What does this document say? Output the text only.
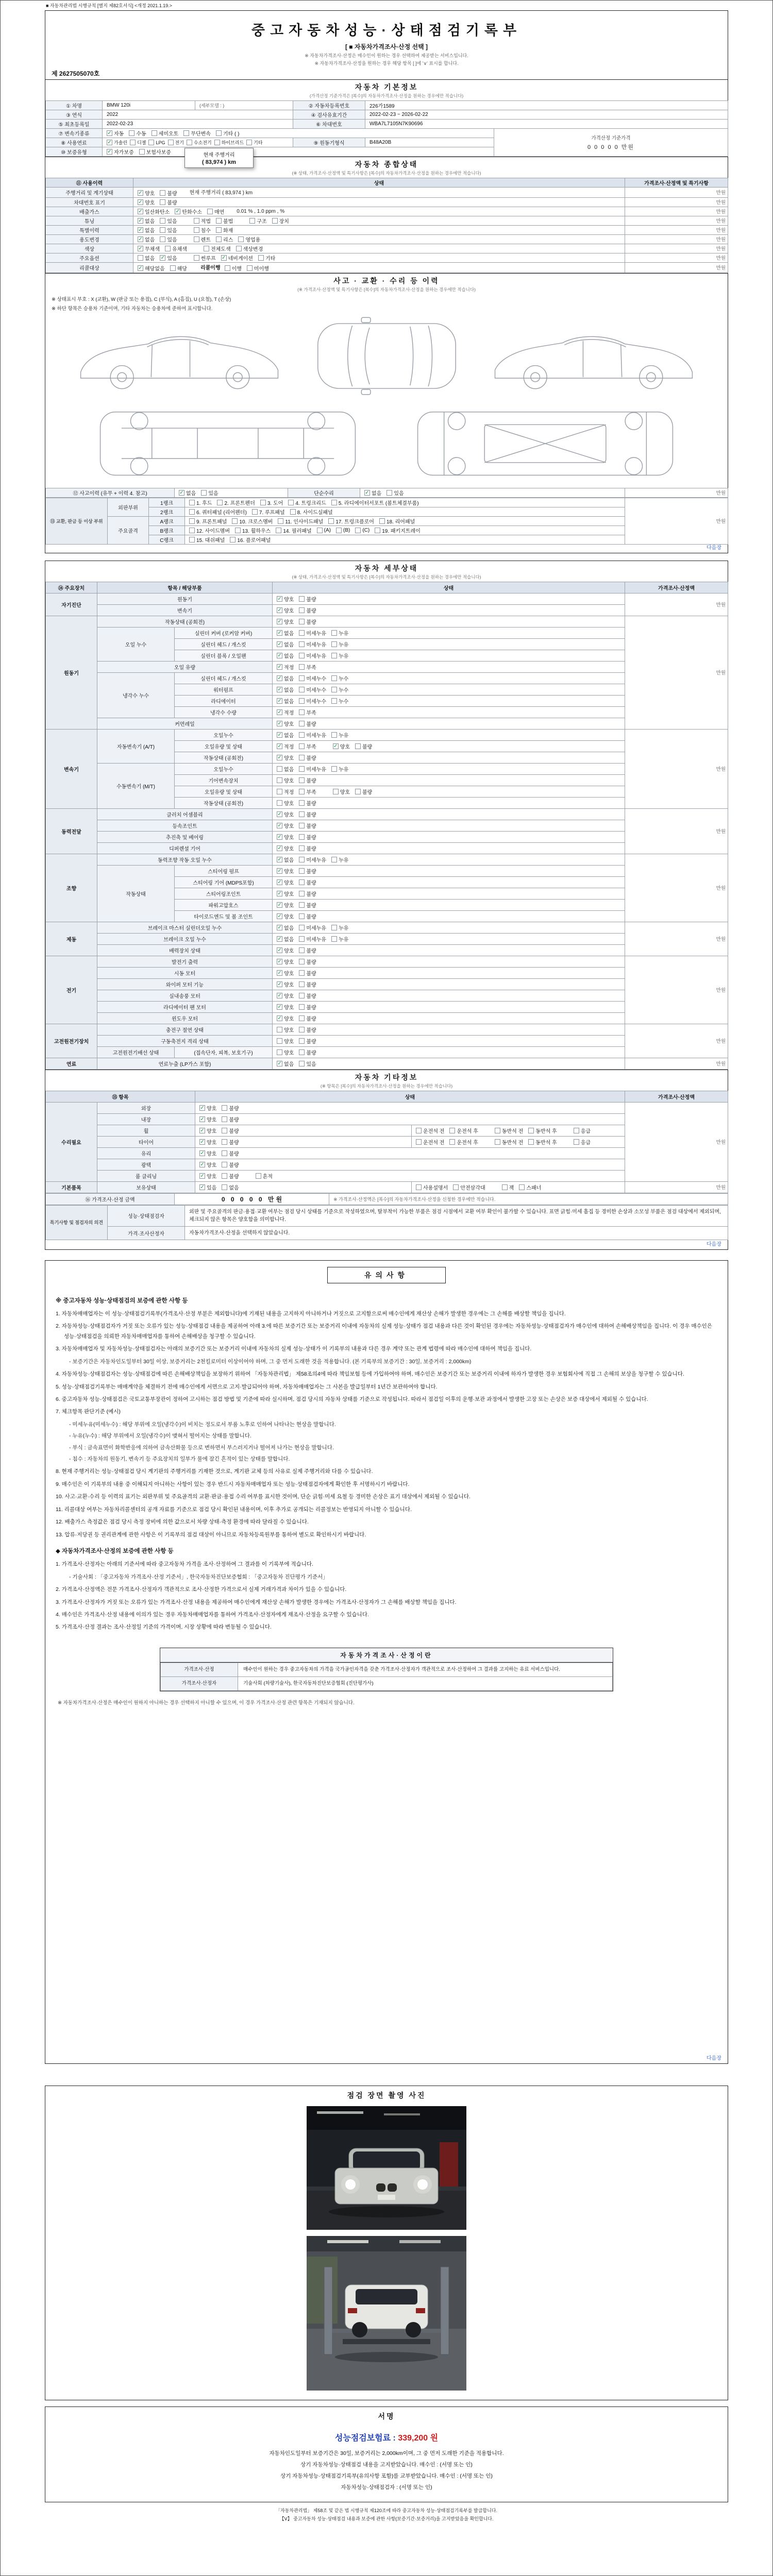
■ 자동차관리법 시행규칙 [별지 제82호서식] <개정 2021.1.19.>
중고자동차성능·상태점검기록부
[ ■ 자동차가격조사·산정 선택 ]
※ 자동차가격조사·산정은 매수인이 원하는 경우 선택하여 제공받는 서비스입니다.
※ 자동차가격조사·산정을 원하는 경우 해당 항목 [ ]에 '∨' 표시를 합니다.
제 2627505070호
자동차 기본정보
(가격산정 기준가격은 [복수]의 자동차가격조사·산정을 원하는 경우에만 적습니다)
① 차명	BMW 120i	(세부모델 : )	② 자동차등록번호	226가1589	
③ 연식	2022		④ 검사유효기간	2022-02-23 ~ 2026-02-22	
⑤ 최초등록일	2022-02-23		⑥ 차대번호	WBA7L7105N7K90696	
⑦ 변속기종류	✓ 자동 수동 세미오토 무단변속 기타 ( )

가격산정 기준가격
0 0 0 0 0 만원

⑧ 사용연료	✓ 가솔린 디젤 LPG 전기 수소전기 하이브리드 기타	⑨ 원동기형식	B48A20B
⑩ 보증유형	✓ 자가보증 보험사보증				
자동차 종합상태
(※ 상태, 가격조사·산정액 및 특기사항은 [복수]의 자동차가격조사·산정을 원하는 경우에만 적습니다)
⑪ 사용이력	상태	가격조사·산정액 및 특기사항
주행거리 및 계기상태	✓ 양호 불량 현재 주행거리 ( 83,974 ) km	만원
차대번호 표기	✓ 양호 불량	만원
배출가스	✓ 일산화탄소 ✓ 탄화수소 매연 0.01 % , 1.0 ppm , %	만원
튜닝	✓ 없음 있음	적법 불법	구조 장치	만원
특별이력	✓ 없음 있음 침수 화재	만원
용도변경	✓ 없음 있음	렌트 리스 영업용	만원
색상	✓ 무채색 유채색 전체도색 색상변경	만원
주요옵션	없음 ✓ 있음	썬루프 ✓ 네비게이션 기타	만원
리콜대상	✓ 해당없음 해당	리콜이행 이행 미이행	만원
사고 · 교환 · 수리 등 이력
(※ 가격조사·산정액 및 특기사항은 [복수]의 자동차가격조사·산정을 원하는 경우에만 적습니다)
※ 상태표시 부호 : X (교환), W (판금 또는 용접), C (부식), A (흠집), U (요철), T (손상)
※ 하단 항목은 승용차 기준이며, 기타 자동차는 승용차에 준하여 표시합니다.
⑫ 사고이력 (유무 + 이력 4. 참고)	✓ 없음 있음	단순수리	✓ 없음 있음	만원
⑬ 교환, 판금 등 이상 부위	외판부위	1랭크	1. 후드 2. 프론트펜더 3. 도어 4. 트렁크리드 5. 라디에이터서포트 (볼트체결부품)	만원
		2랭크	6. 쿼터패널 (리어펜더) 7. 루프패널 8. 사이드실패널	

	주요골격	A랭크	9. 프론트패널 10. 크로스멤버 11. 인사이드패널 17. 트렁크플로어 18. 리어패널	

B랭크	12. 사이드멤버 13. 휠하우스 14. 필러패널 (A) (B) (C) 19. 패키지트레이

		C랭크	15. 대쉬패널 16. 플로어패널	
현재 주행거리
( 83,974 ) km
다음장
자동차 세부상태
(※ 상태, 가격조사·산정액 및 특기사항은 [복수]의 자동차가격조사·산정을 원하는 경우에만 적습니다)
⑭ 주요장치	항목 / 해당부품		상태	가격조사·산정액
자기진단	원동기		✓ 양호 불량	만원
	변속기		✓ 양호 불량	

원동기	작동상태 (공회전)		✓ 양호 불량	만원
	오일 누수	실린더 커버 (로커암 커버)	✓ 없음 미세누유 누유	

		실린더 헤드 / 개스킷	✓ 없음 미세누유 누유	

		실린더 블록 / 오일팬	✓ 없음 미세누유 누유	

	오일 유량		✓ 적정 부족	

	냉각수 누수	실린더 헤드 / 개스킷	✓ 없음 미세누수 누수	

		워터펌프	✓ 없음 미세누수 누수	

		라디에이터	✓ 없음 미세누수 누수	

		냉각수 수량	✓ 적정 부족	

	커먼레일		✓ 양호 불량	

변속기	자동변속기 (A/T)	오일누수	✓ 없음 미세누유 누유	만원
오일유량 및 상태	✓ 적정 부족	✓ 양호 불량

		작동상태 (공회전)	✓ 양호 불량	

	수동변속기 (M/T)	오일누수	없음 미세누유 누유	

		기어변속장치	양호 불량	

		오일유량 및 상태	적정 부족 양호 불량	

		작동상태 (공회전)	양호 불량	

동력전달	클러치 어셈블리		✓ 양호 불량	만원
	등속조인트		✓ 양호 불량	

	추진축 및 베어링		✓ 양호 불량	

	디퍼렌셜 기어		✓ 양호 불량	

조향	동력조향 작동 오일 누수		✓ 없음 미세누유 누유	만원
	작동상태	스티어링 펌프	✓ 양호 불량	

		스티어링 기어 (MDPS포함)	✓ 양호 불량	

		스티어링조인트	✓ 양호 불량	

		파워고압호스	✓ 양호 불량	

		타이로드엔드 및 볼 조인트	✓ 양호 불량	

제동	브레이크 마스터 실린더오일 누수		✓ 없음 미세누유 누유	만원
	브레이크 오일 누수		✓ 없음 미세누유 누유	

	배력장치 상태		✓ 양호 불량	

전기	발전기 출력		✓ 양호 불량	만원
	시동 모터		✓ 양호 불량	

	와이퍼 모터 기능		✓ 양호 불량	

	실내송풍 모터		✓ 양호 불량	

	라디에이터 팬 모터		✓ 양호 불량	

	윈도우 모터		✓ 양호 불량	

고전원전기장치	충전구 절연 상태		양호 불량	만원
	구동축전지 격리 상태		양호 불량	

	고전원전기배선 상태	(접속단자, 피복, 보호기구)	양호 불량	

연료	연료누출 (LP가스 포함)		✓ 없음 있음	만원
자동차 기타정보
(※ 항목은 [복수]의 자동차가격조사·산정을 원하는 경우에만 적습니다)
⑮ 항목		상태		가격조사·산정액
수리필요	외장	✓ 양호 불량		만원
	내장	✓ 양호 불량		

	휠	✓ 양호 불량	운전석 전 운전석 후 동반석 전 동반석 후 응급	

	타이어	✓ 양호 불량	운전석 전 운전석 후 동반석 전 동반석 후 응급	

	유리	✓ 양호 불량		

	광택	✓ 양호 불량		

	룸 클리닝	✓ 양호 불량 흔적		

기본품목	보유상태	✓ 있음 없음	사용설명서 안전삼각대 잭 스패너	만원
⑯ 가격조사·산정 금액	0 0 0 0 0 만원	※ 가격조사·산정액은 [복수]의 자동차가격조사·산정을 신청한 경우에만 적습니다.
특기사항 및 점검자의 의견	성능·상태점검자	외판 및 주요골격의 판금·용접·교환 여부는 점검 당시 상태를 기준으로 작성하였으며, 탈부착이 가능한 부품은 점검 시점에서 교환 여부 확인이 불가할 수 있습니다. 표면 긁힘·미세 흠집 등 경미한 손상과 소모성 부품은 점검 대상에서 제외되며, 체크되지 않은 항목은 양호함을 의미합니다.
	가격·조사산정자	자동차가격조사·산정을 선택하지 않았습니다.
다음장
유의사항
※ 중고자동차 성능·상태점검의 보증에 관한 사항 등
1. 자동차매매업자는 이 성능·상태점검기록부(가격조사·산정 부분은 제외합니다)에 기재된 내용을 고지하지 아니하거나 거짓으로 고지함으로써 매수인에게 재산상 손해가 발생한 경우에는 그 손해를 배상할 책임을 집니다.
2. 자동차성능·상태점검자가 거짓 또는 오류가 있는 성능·상태점검 내용을 제공하여 아래 3.에 따른 보증기간 또는 보증거리 이내에 자동차의 실제 성능·상태가 점검 내용과 다른 것이 확인된 경우에는 자동차성능·상태점검자가 매수인에 대하여 손해배상책임을 집니다. 이 경우 매수인은 성능·상태점검을 의뢰한 자동차매매업자를 통하여 손해배상을 청구할 수 있습니다.
3. 자동차매매업자 및 자동차성능·상태점검자는 아래의 보증기간 또는 보증거리 이내에 자동차의 실제 성능·상태가 이 기록부의 내용과 다른 경우 계약 또는 관계 법령에 따라 매수인에 대하여 책임을 집니다.
- 보증기간은 자동차인도일부터 30일 이상, 보증거리는 2천킬로미터 이상이어야 하며, 그 중 먼저 도래한 것을 적용합니다. (본 기록부의 보증기간 : 30일, 보증거리 : 2,000km)
4. 자동차성능·상태점검자는 성능·상태점검에 따른 손해배상책임을 보장하기 위하여 「자동차관리법」 제58조의4에 따라 책임보험 등에 가입하여야 하며, 매수인은 보증기간 또는 보증거리 이내에 하자가 발생한 경우 보험회사에 직접 그 손해의 보상을 청구할 수 있습니다.
5. 성능·상태점검기록부는 매매계약을 체결하기 전에 매수인에게 서면으로 고지·발급되어야 하며, 자동차매매업자는 그 사본을 발급일부터 1년간 보관하여야 합니다.
6. 중고자동차 성능·상태점검은 국토교통부장관이 정하여 고시하는 점검 방법 및 기준에 따라 실시하며, 점검 당시의 자동차 상태를 기준으로 작성됩니다. 따라서 점검일 이후의 운행·보관 과정에서 발생한 고장 또는 손상은 보증 대상에서 제외될 수 있습니다.
7. 체크항목 판단기준 (예시)
- 미세누유(미세누수) : 해당 부위에 오일(냉각수)이 비치는 정도로서 부품 노후로 인하여 나타나는 현상을 말합니다.
- 누유(누수) : 해당 부위에서 오일(냉각수)이 맺혀서 떨어지는 상태를 말합니다.
- 부식 : 금속표면이 화학반응에 의하여 금속산화물 등으로 변하면서 부스러지거나 떨어져 나가는 현상을 말합니다.
- 침수 : 자동차의 원동기, 변속기 등 주요장치의 일부가 물에 잠긴 흔적이 있는 상태를 말합니다.
8. 현재 주행거리는 성능·상태점검 당시 계기판의 주행거리를 기재한 것으로, 계기판 교체 등의 사유로 실제 주행거리와 다를 수 있습니다.
9. 매수인은 이 기록부의 내용 중 이해되지 아니하는 사항이 있는 경우 반드시 자동차매매업자 또는 성능·상태점검자에게 확인한 후 서명하시기 바랍니다.
10. 사고·교환·수리 등 이력의 표기는 외판부위 및 주요골격의 교환·판금·용접 수리 여부를 표시한 것이며, 단순 긁힘·미세 요철 등 경미한 손상은 표기 대상에서 제외될 수 있습니다.
11. 리콜대상 여부는 자동차리콜센터의 공개 자료를 기준으로 점검 당시 확인된 내용이며, 이후 추가로 공개되는 리콜정보는 반영되지 아니할 수 있습니다.
12. 배출가스 측정값은 점검 당시 측정 장비에 의한 값으로서 차량 상태·측정 환경에 따라 달라질 수 있습니다.
13. 압류·저당권 등 권리관계에 관한 사항은 이 기록부의 점검 대상이 아니므로 자동차등록원부를 통하여 별도로 확인하시기 바랍니다.
◆ 자동차가격조사·산정의 보증에 관한 사항 등
1. 가격조사·산정자는 아래의 기준서에 따라 중고자동차 가격을 조사·산정하여 그 결과를 이 기록부에 적습니다.
- 기술사회 : 「중고자동차 가격조사·산정 기준서」, 한국자동차진단보증협회 : 「중고자동차 진단평가 기준서」
2. 가격조사·산정액은 전문 가격조사·산정자가 객관적으로 조사·산정한 가격으로서 실제 거래가격과 차이가 있을 수 있습니다.
3. 가격조사·산정자가 거짓 또는 오류가 있는 가격조사·산정 내용을 제공하여 매수인에게 재산상 손해가 발생한 경우에는 가격조사·산정자가 그 손해를 배상할 책임을 집니다.
4. 매수인은 가격조사·산정 내용에 이의가 있는 경우 자동차매매업자를 통하여 가격조사·산정자에게 재조사·산정을 요구할 수 있습니다.
5. 가격조사·산정 결과는 조사·산정일 기준의 가격이며, 시장 상황에 따라 변동될 수 있습니다.
자동차가격조사·산정이란
가격조사·산정	매수인이 원하는 경우 중고자동차의 가격을 국가공인자격을 갖춘 가격조사·산정자가 객관적으로 조사·산정하여 그 결과를 고지하는 유료 서비스입니다.
가격조사·산정자	기술사회 (차량기술사), 한국자동차진단보증협회 (진단평가사)
※ 자동차가격조사·산정은 매수인이 원하지 아니하는 경우 선택하지 아니할 수 있으며, 이 경우 가격조사·산정 관련 항목은 기재되지 않습니다.
다음장
점검 장면 촬영 사진
서명
성능점검보험료 : 339,200 원
자동차인도일부터 보증기간은 30일, 보증거리는 2,000km이며, 그 중 먼저 도래한 기준을 적용합니다.
상기 자동차성능·상태점검 내용을 고지받았습니다. 매수인 : (서명 또는 인)
상기 자동차성능·상태점검기록부(유의사항 포함)를 교부받았습니다. 매수인 : (서명 또는 인)
자동차성능·상태점검자 : (서명 또는 인)
「자동차관리법」 제58조 및 같은 법 시행규칙 제120조에 따라 중고자동차 성능·상태점검기록부를 발급합니다.
【Ⅴ】 중고자동차 성능·상태점검 내용과 보증에 관한 사항(보증기간·보증거리)을 고지받았음을 확인합니다.
